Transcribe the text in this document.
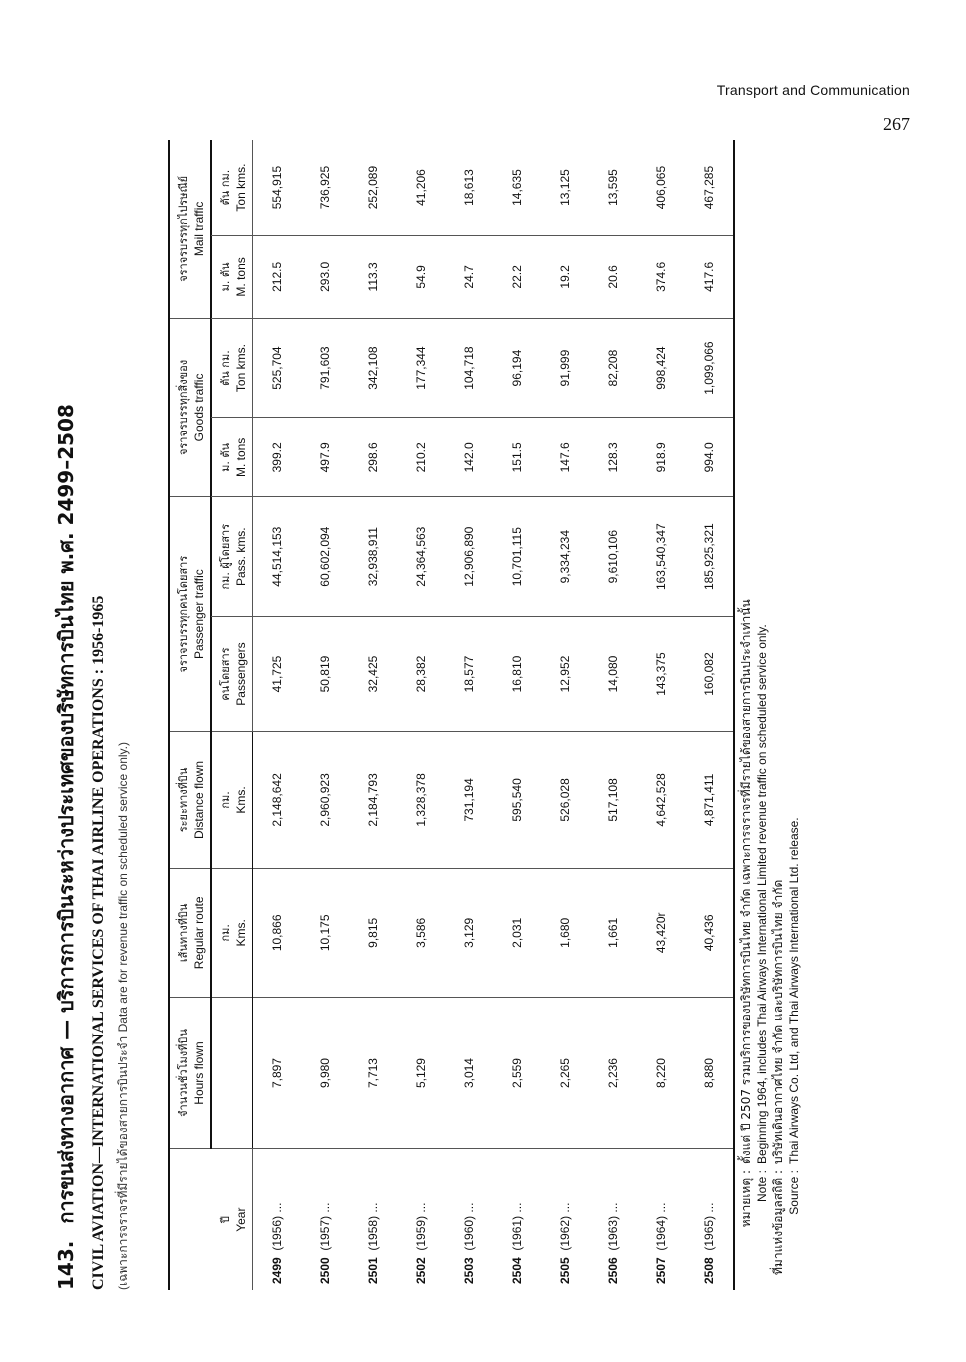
Transport and Communication
267
143. การขนส่งทางอากาศ — บริการการบินระหว่างประเทศของบริษัทการบินไทย พ.ศ. 2499–2508 CIVIL AVIATION—INTERNATIONAL SERVICES OF THAI AIRLINE OPERATIONS : 1956-1965 (เฉพาะการจราจรที่มีรายได้ของสายการบินประจำ Data are for revenue traffic on scheduled service only.)
ปี Year	จำนวนชั่วโมงที่บิน Hours flown	เส้นทางที่บิน Regular route	ระยะทางที่บิน Distance flown	จราจรบรรทุกคนโดยสาร Passenger traffic		จราจรบรรทุกสิ่งของ Goods traffic		จราจรบรรทุกไปรษณีย์ Mail traffic	

				คนโดยสาร Passengers	กม. ผู้โดยสาร Pass. kms.	ม. ตัน M. tons	ตัน กม. Ton kms.	ม. ตัน M. tons	ตัน กม. Ton kms.

		กม. Kms.	กม. Kms.						

2499  (1956) ...	7,897	10,866	2,148,642	41,725	44,514,153	399.2	525,704	212.5	554,915
2500  (1957) ...	9,980	10,175	2,960,923	50,819	60,602,094	497.9	791,603	293.0	736,925
2501  (1958) ...	7,713	9,815	2,184,793	32,425	32,938,911	298.6	342,108	113.3	252,089
2502  (1959) ...	5,129	3,586	1,328,378	28,382	24,364,563	210.2	177,344	54.9	41,206
2503  (1960) ...	3,014	3,129	731,194	18,577	12,906,890	142.0	104,718	24.7	18,613
2504  (1961) ...	2,559	2,031	595,540	16,810	10,701,115	151.5	96,194	22.2	14,635
2505  (1962) ...	2,265	1,680	526,028	12,952	9,334,234	147.6	91,999	19.2	13,125
2506  (1963) ...	2,236	1,661	517,108	14,080	9,610,106	128.3	82,208	20.6	13,595
2507  (1964) ...	8,220	43,420r	4,642,528	143,375	163,540,347	918.9	998,424	374.6	406,065
2508  (1965) ...	8,880	40,436	4,871,411	160,082	185,925,321	994.0	1,099,066	417.6	467,285
หมายเหตุ :ตั้งแต่ ปี 2507 รวมบริการของบริษัทการบินไทย จำกัด เฉพาะการจราจรที่มีรายได้ของสายการบินประจำเท่านั้น
Note :Beginning 1964, includes Thai Airways International Limited revenue traffic on scheduled service only.
ที่มาแห่งข้อมูลสถิติ :บริษัทเดินอากาศไทย จำกัด และบริษัทการบินไทย จำกัด
Source :Thai Airways Co. Ltd, and Thai Airways International Ltd. release.
